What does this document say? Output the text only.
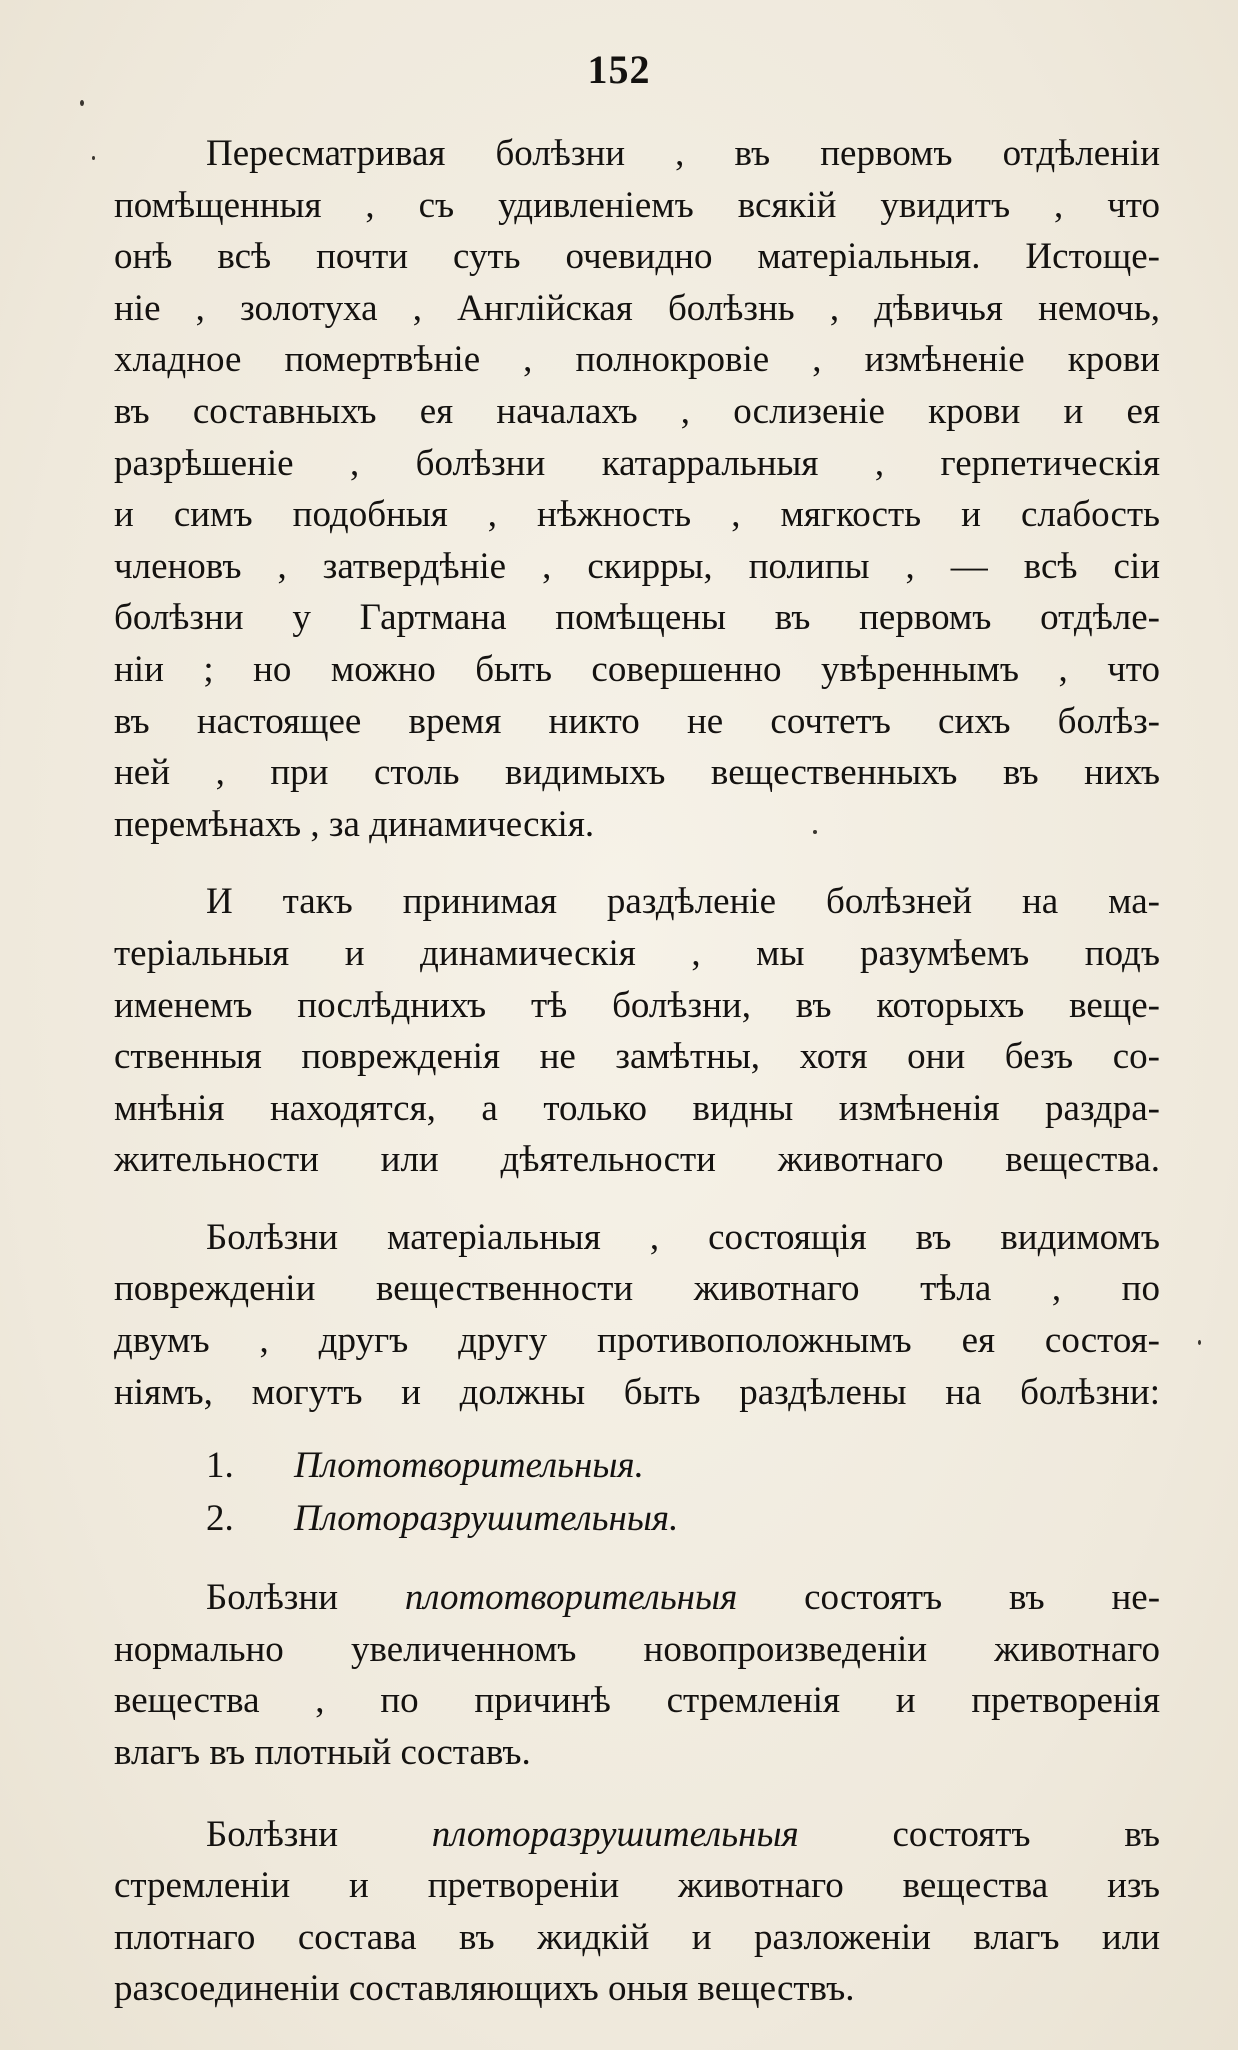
152
Пересматривая болѣзни , въ первомъ отдѣленіи
помѣщенныя , съ удивленіемъ всякій увидитъ , что
онѣ всѣ почти суть очевидно матеріальныя. Истоще-
ніе , золотуха , Англійская болѣзнь , дѣвичья немочь,
хладное помертвѣніе , полнокровіе , измѣненіе крови
въ составныхъ ея началахъ , ослизеніе крови и ея
разрѣшеніе , болѣзни катарральныя , герпетическія
и симъ подобныя , нѣжность , мягкость и слабость
членовъ , затвердѣніе , скирры, полипы , — всѣ сіи
болѣзни у Гартмана помѣщены въ первомъ отдѣле-
ніи ; но можно быть совершенно увѣреннымъ , что
въ настоящее время никто не сочтетъ сихъ болѣз-
ней , при столь видимыхъ вещественныхъ въ нихъ
перемѣнахъ , за динамическія.
И такъ принимая раздѣленіе болѣзней на ма-
теріальныя и динамическія , мы разумѣемъ подъ
именемъ послѣднихъ тѣ болѣзни, въ которыхъ веще-
ственныя поврежденія не замѣтны, хотя они безъ со-
мнѣнія находятся, а только видны измѣненія раздра-
жительности или дѣятельности животнаго вещества.
Болѣзни матеріальныя , состоящія въ видимомъ
поврежденіи вещественности животнаго тѣла , по
двумъ , другъ другу противоположнымъ ея состоя-
ніямъ, могутъ и должны быть раздѣлены на болѣзни:
1. Плототворительныя.
2. Плоторазрушительныя.
Болѣзни плототворительныя состоятъ въ не-
нормально увеличенномъ новопроизведеніи животнаго
вещества , по причинѣ стремленія и претворенія
влагъ въ плотный составъ.
Болѣзни	плоторазрушительныя	состоятъ въ
стремленіи и претвореніи животнаго вещества изъ
плотнаго состава въ жидкій и разложеніи влагъ или
разсоединеніи составляющихъ оныя веществъ.
